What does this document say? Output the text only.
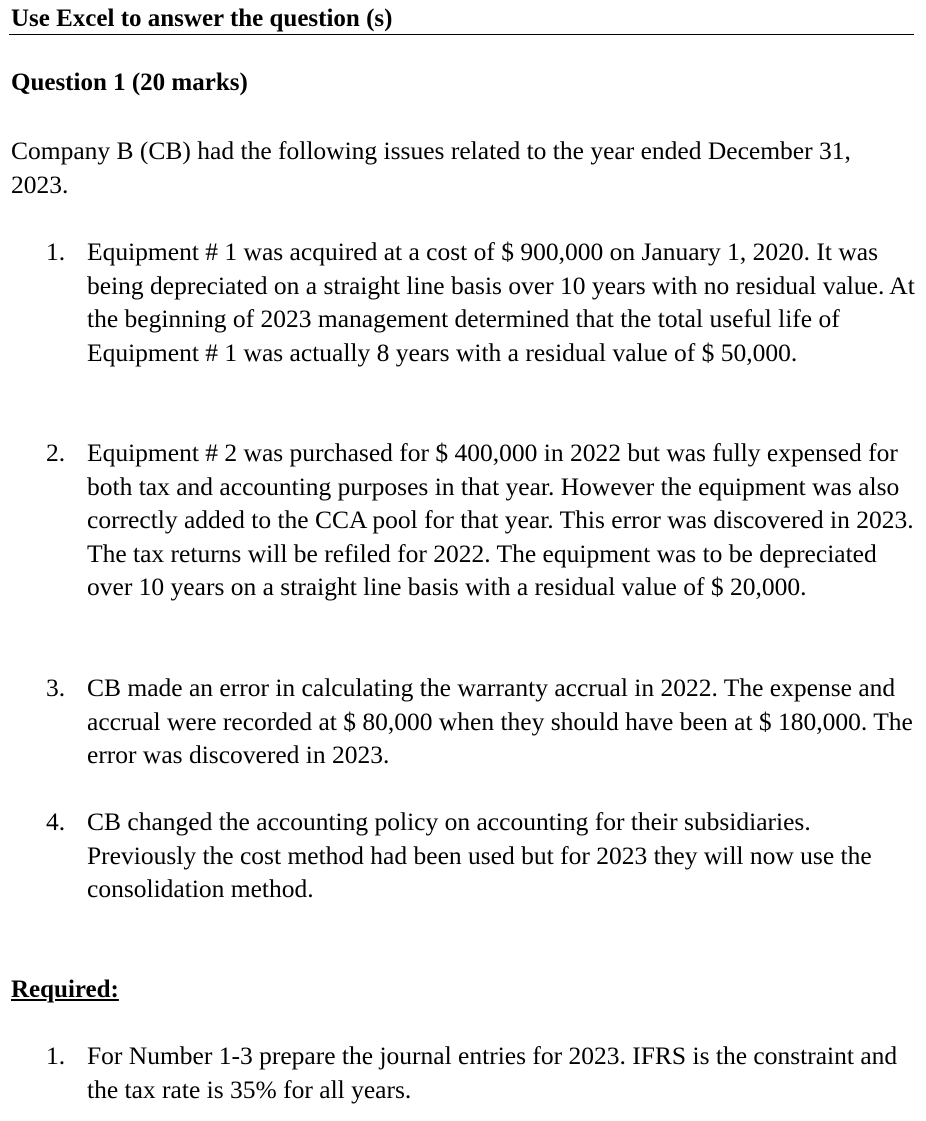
Use Excel to answer the question (s)
Question 1 (20 marks)
Company B (CB) had the following issues related to the year ended December 31, 2023.
1. Equipment # 1 was acquired at a cost of $ 900,000 on January 1, 2020. It was being depreciated on a straight line basis over 10 years with no residual value. At the beginning of 2023 management determined that the total useful life of Equipment # 1 was actually 8 years with a residual value of $ 50,000.
2. Equipment # 2 was purchased for $ 400,000 in 2022 but was fully expensed for both tax and accounting purposes in that year. However the equipment was also correctly added to the CCA pool for that year. This error was discovered in 2023. The tax returns will be refiled for 2022. The equipment was to be depreciated over 10 years on a straight line basis with a residual value of $ 20,000.
3. CB made an error in calculating the warranty accrual in 2022. The expense and accrual were recorded at $ 80,000 when they should have been at $ 180,000. The error was discovered in 2023.
4. CB changed the accounting policy on accounting for their subsidiaries. Previously the cost method had been used but for 2023 they will now use the consolidation method.
Required:
1. For Number 1-3 prepare the journal entries for 2023. IFRS is the constraint and the tax rate is 35% for all years.
